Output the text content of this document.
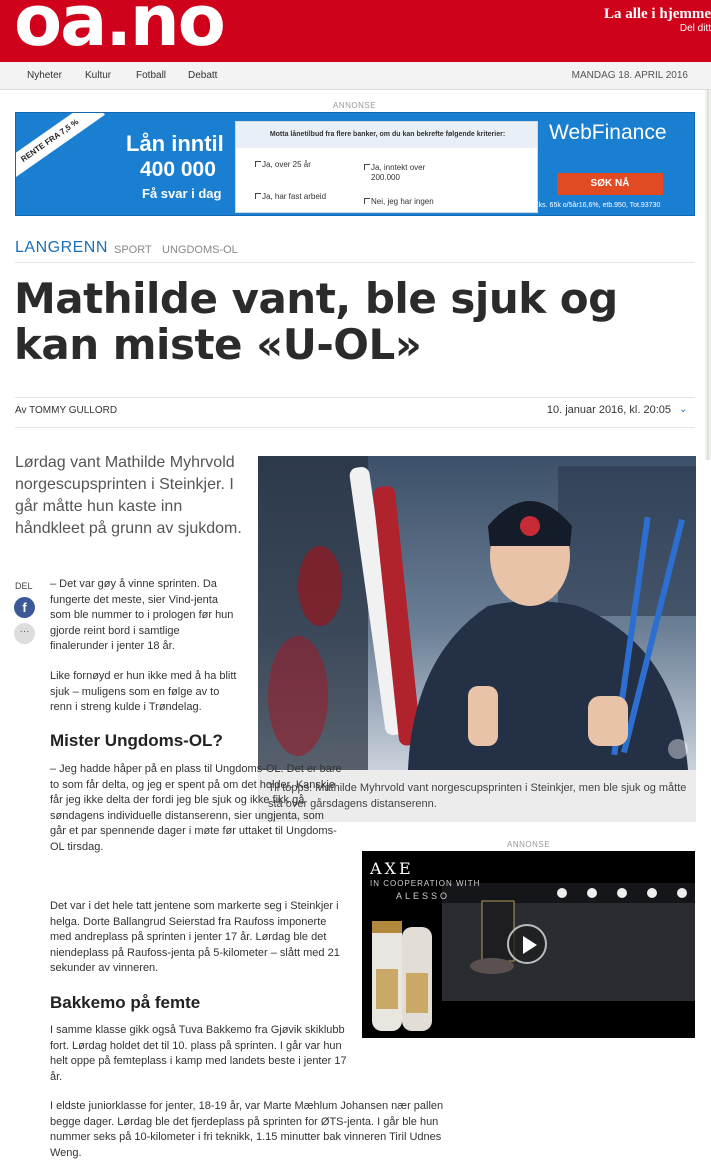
oa.no	La alle i hjemme
Del ditt
Nyheter Kultur Fotball Debatt	MANDAG 18. APRIL 2016
ANNONSE
RENTE FRA 7,5 %	Lån inntil
400 000
Få svar i dag
Motta lånetilbud fra flere banker, om du kan bekrefte følgende kriterier:
Ja, over 25 år	Ja, inntekt over 200.000
Ja, har fast arbeid
Nei, jeg har ingen
WebFinance
SØK NÅ
Eks. 65k o/5år16,6%, etb.950, Tot.93730
LANGRENN SPORT UNGDOMS-OL
Mathilde vant, ble sjuk og kan miste «U-OL»
Av TOMMY GULLORD	10. januar 2016, kl. 20:05 ⌄

Lørdag vant Mathilde Myhrvold norgescupsprinten i Steinkjer. I går måtte hun kaste inn håndkleet på grunn av sjukdom.

DEL
f
···

Til topps: Mathilde Myhrvold vant norgescupsprinten i Steinkjer, men ble sjuk og måtte stå over gårsdagens distanserenn.

– Det var gøy å vinne sprinten. Da fungerte det meste, sier Vind-jenta som ble nummer to i prologen før hun gjorde reint bord i samtlige finalerunder i jenter 18 år.

Like fornøyd er hun ikke med å ha blitt sjuk – muligens som en følge av to renn i streng kulde i Trøndelag.

Mister Ungdoms-OL?

– Jeg hadde håper på en plass til Ungdoms-OL. Det er bare to som får delta, og jeg er spent på om det holder. Kanskje får jeg ikke delta der fordi jeg ble sjuk og ikke fikk gå søndagens individuelle distanserenn, sier ungjenta, som går et par spennende dager i møte før uttaket til Ungdoms-OL tirsdag.

Det var i det hele tatt jentene som markerte seg i Steinkjer i helga. Dorte Ballangrud Seierstad fra Raufoss imponerte med andreplass på sprinten i jenter 17 år. Lørdag ble det niendeplass på Raufoss-jenta på 5-kilometer – slått med 21 sekunder av vinneren.

Bakkemo på femte

I samme klasse gikk også Tuva Bakkemo fra Gjøvik skiklubb fort. Lørdag holdet det til 10. plass på sprinten. I går var hun helt oppe på femteplass i kamp med landets beste i jenter 17 år.

I eldste juniorklasse for jenter, 18-19 år, var Marte Mæhlum Johansen nær pallen begge dager. Lørdag ble det fjerdeplass på sprinten for ØTS-jenta. I går ble hun nummer seks på 10-kilometer i fri teknikk, 1.15 minutter bak vinneren Tiril Udnes Weng.

ANNONSE
AXE
IN COOPERATION WITH
ALESSO
